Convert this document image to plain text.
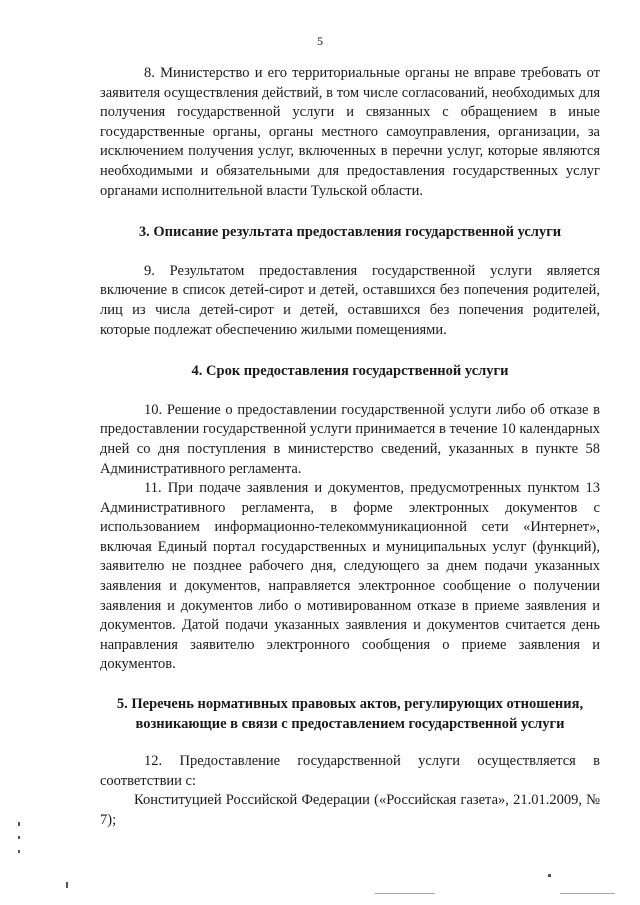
5

8. Министерство и его территориальные органы не вправе требовать от заявителя осуществления действий, в том числе согласований, необходимых для получения государственной услуги и связанных с обращением в иные государственные органы, органы местного самоуправления, организации, за исключением получения услуг, включенных в перечни услуг, которые являются необходимыми и обязательными для предоставления государственных услуг органами исполнительной власти Тульской области.

3. Описание результата предоставления государственной услуги

9. Результатом предоставления государственной услуги является включение в список детей-сирот и детей, оставшихся без попечения родителей, лиц из числа детей-сирот и детей, оставшихся без попечения родителей, которые подлежат обеспечению жилыми помещениями.

4. Срок предоставления государственной услуги

10. Решение о предоставлении государственной услуги либо об отказе в предоставлении государственной услуги принимается в течение 10 календарных дней со дня поступления в министерство сведений, указанных в пункте 58 Административного регламента.

11. При подаче заявления и документов, предусмотренных пунктом 13 Административного регламента, в форме электронных документов с использованием информационно-телекоммуникационной сети «Интернет», включая Единый портал государственных и муниципальных услуг (функций), заявителю не позднее рабочего дня, следующего за днем подачи указанных заявления и документов, направляется электронное сообщение о получении заявления и документов либо о мотивированном отказе в приеме заявления и документов. Датой подачи указанных заявления и документов считается день направления заявителю электронного сообщения о приеме заявления и документов.

5. Перечень нормативных правовых актов, регулирующих отношения, возникающие в связи с предоставлением государственной услуги

12. Предоставление государственной услуги осуществляется в соответствии с:

Конституцией Российской Федерации («Российская газета», 21.01.2009, № 7);
